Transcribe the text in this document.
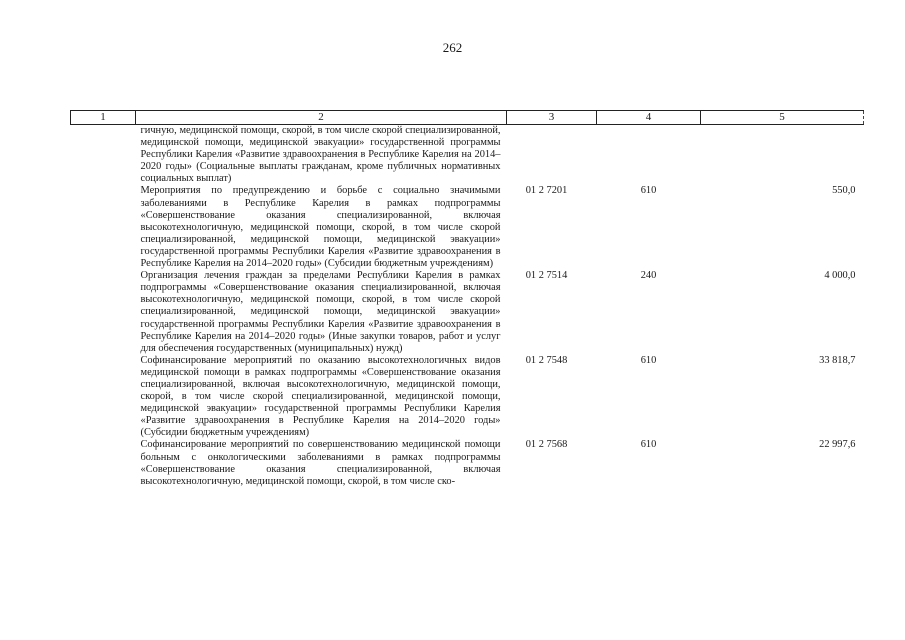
262
1	2	3	4	5
	гичную, медицинской помощи, скорой, в том числе скорой специализированной, медицинской помощи, медицинской эвакуации» государственной программы Республики Карелия «Развитие здравоохранения в Республике Карелия на 2014–2020 годы» (Социальные выплаты гражданам, кроме публичных нормативных социальных выплат)			
	Мероприятия по предупреждению и борьбе с социально значимыми заболеваниями в Республике Карелия в рамках подпрограммы «Совершенствование оказания специализированной, включая высокотехнологичную, медицинской помощи, скорой, в том числе скорой специализированной, медицинской помощи, медицинской эвакуации» государственной программы Республики Карелия «Развитие здравоохранения в Республике Карелия на 2014–2020 годы» (Субсидии бюджетным учреждениям)	01 2 7201	610	550,0
	Организация лечения граждан за пределами Республики Карелия в рамках подпрограммы «Совершенствование оказания специализированной, включая высокотехнологичную, медицинской помощи, скорой, в том числе скорой специализированной, медицинской помощи, медицинской эвакуации» государственной программы Республики Карелия «Развитие здравоохранения в Республике Карелия на 2014–2020 годы» (Иные закупки товаров, работ и услуг для обеспечения государственных (муниципальных) нужд)	01 2 7514	240	4 000,0
	Софинансирование мероприятий по оказанию высокотехнологичных видов медицинской помощи в рамках подпрограммы «Совершенствование оказания специализированной, включая высокотехнологичную, медицинской помощи, скорой, в том числе скорой специализированной, медицинской помощи, медицинской эвакуации» государственной программы Республики Карелия «Развитие здравоохранения в Республике Карелия на 2014–2020 годы» (Субсидии бюджетным учреждениям)	01 2 7548	610	33 818,7
	Софинансирование мероприятий по совершенствованию медицинской помощи больным с онкологическими заболеваниями в рамках подпрограммы «Совершенствование оказания специализированной, включая высокотехнологичную, медицинской помощи, скорой, в том числе ско-	01 2 7568	610	22 997,6
